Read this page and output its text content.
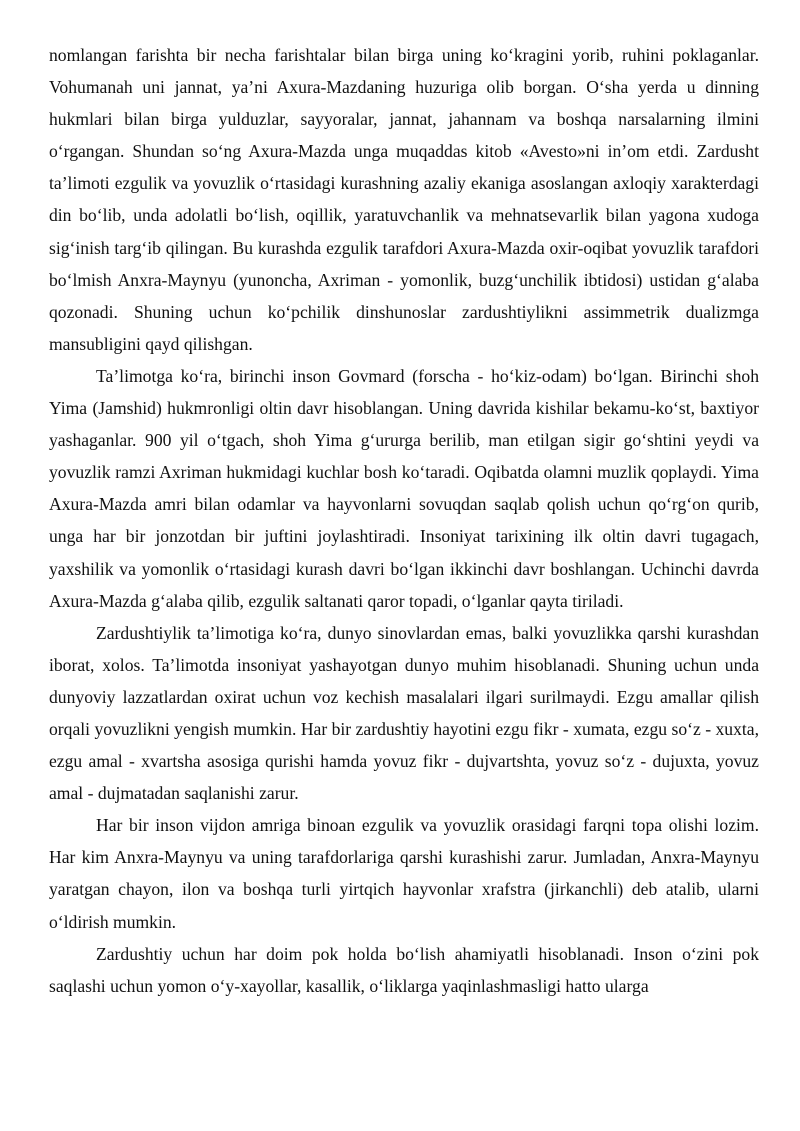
nomlangan farishta bir necha farishtalar bilan birga uning ko‘kragini yorib, ruhini poklaganlar. Vohumanah uni jannat, ya’ni Axura-Mazdaning huzuriga olib borgan. O‘sha yerda u dinning hukmlari bilan birga yulduzlar, sayyoralar, jannat, jahannam va boshqa narsalarning ilmini o‘rgangan. Shundan so‘ng Axura-Mazda unga muqaddas kitob «Avesto»ni in’om etdi. Zardusht ta’limoti ezgulik va yovuzlik o‘rtasidagi kurashning azaliy ekaniga asoslangan axloqiy xarakterdagi din bo‘lib, unda adolatli bo‘lish, oqillik, yaratuvchanlik va mehnatsevarlik bilan yagona xudoga sig‘inish targ‘ib qilingan. Bu kurashda ezgulik tarafdori Axura-Mazda oxir-oqibat yovuzlik tarafdori bo‘lmish Anxra-Maynyu (yunoncha, Axriman - yomonlik, buzg‘unchilik ibtidosi) ustidan g‘alaba qozonadi. Shuning uchun ko‘pchilik dinshunoslar zardushtiylikni assimmetrik dualizmga mansubligini qayd qilishgan.

Ta’limotga ko‘ra, birinchi inson Govmard (forscha - ho‘kiz-odam) bo‘lgan. Birinchi shoh Yima (Jamshid) hukmronligi oltin davr hisoblangan. Uning davrida kishilar bekamu-ko‘st, baxtiyor yashaganlar. 900 yil o‘tgach, shoh Yima g‘ururga berilib, man etilgan sigir go‘shtini yeydi va yovuzlik ramzi Axriman hukmidagi kuchlar bosh ko‘taradi. Oqibatda olamni muzlik qoplaydi. Yima Axura-Mazda amri bilan odamlar va hayvonlarni sovuqdan saqlab qolish uchun qo‘rg‘on qurib, unga har bir jonzotdan bir juftini joylashtiradi. Insoniyat tarixining ilk oltin davri tugagach, yaxshilik va yomonlik o‘rtasidagi kurash davri bo‘lgan ikkinchi davr boshlangan. Uchinchi davrda Axura-Mazda g‘alaba qilib, ezgulik saltanati qaror topadi, o‘lganlar qayta tiriladi.

Zardushtiylik ta’limotiga ko‘ra, dunyo sinovlardan emas, balki yovuzlikka qarshi kurashdan iborat, xolos. Ta’limotda insoniyat yashayotgan dunyo muhim hisoblanadi. Shuning uchun unda dunyoviy lazzatlardan oxirat uchun voz kechish masalalari ilgari surilmaydi. Ezgu amallar qilish orqali yovuzlikni yengish mumkin. Har bir zardushtiy hayotini ezgu fikr - xumata, ezgu so‘z - xuxta, ezgu amal - xvartsha asosiga qurishi hamda yovuz fikr - dujvartshta, yovuz so‘z - dujuxta, yovuz amal - dujmatadan saqlanishi zarur.

Har bir inson vijdon amriga binoan ezgulik va yovuzlik orasidagi farqni topa olishi lozim. Har kim Anxra-Maynyu va uning tarafdorlariga qarshi kurashishi zarur. Jumladan, Anxra-Maynyu yaratgan chayon, ilon va boshqa turli yirtqich hayvonlar xrafstra (jirkanchli) deb atalib, ularni o‘ldirish mumkin.

Zardushtiy uchun har doim pok holda bo‘lish ahamiyatli hisoblanadi. Inson o‘zini pok saqlashi uchun yomon o‘y-xayollar, kasallik, o‘liklarga yaqinlashmasligi hatto ularga
